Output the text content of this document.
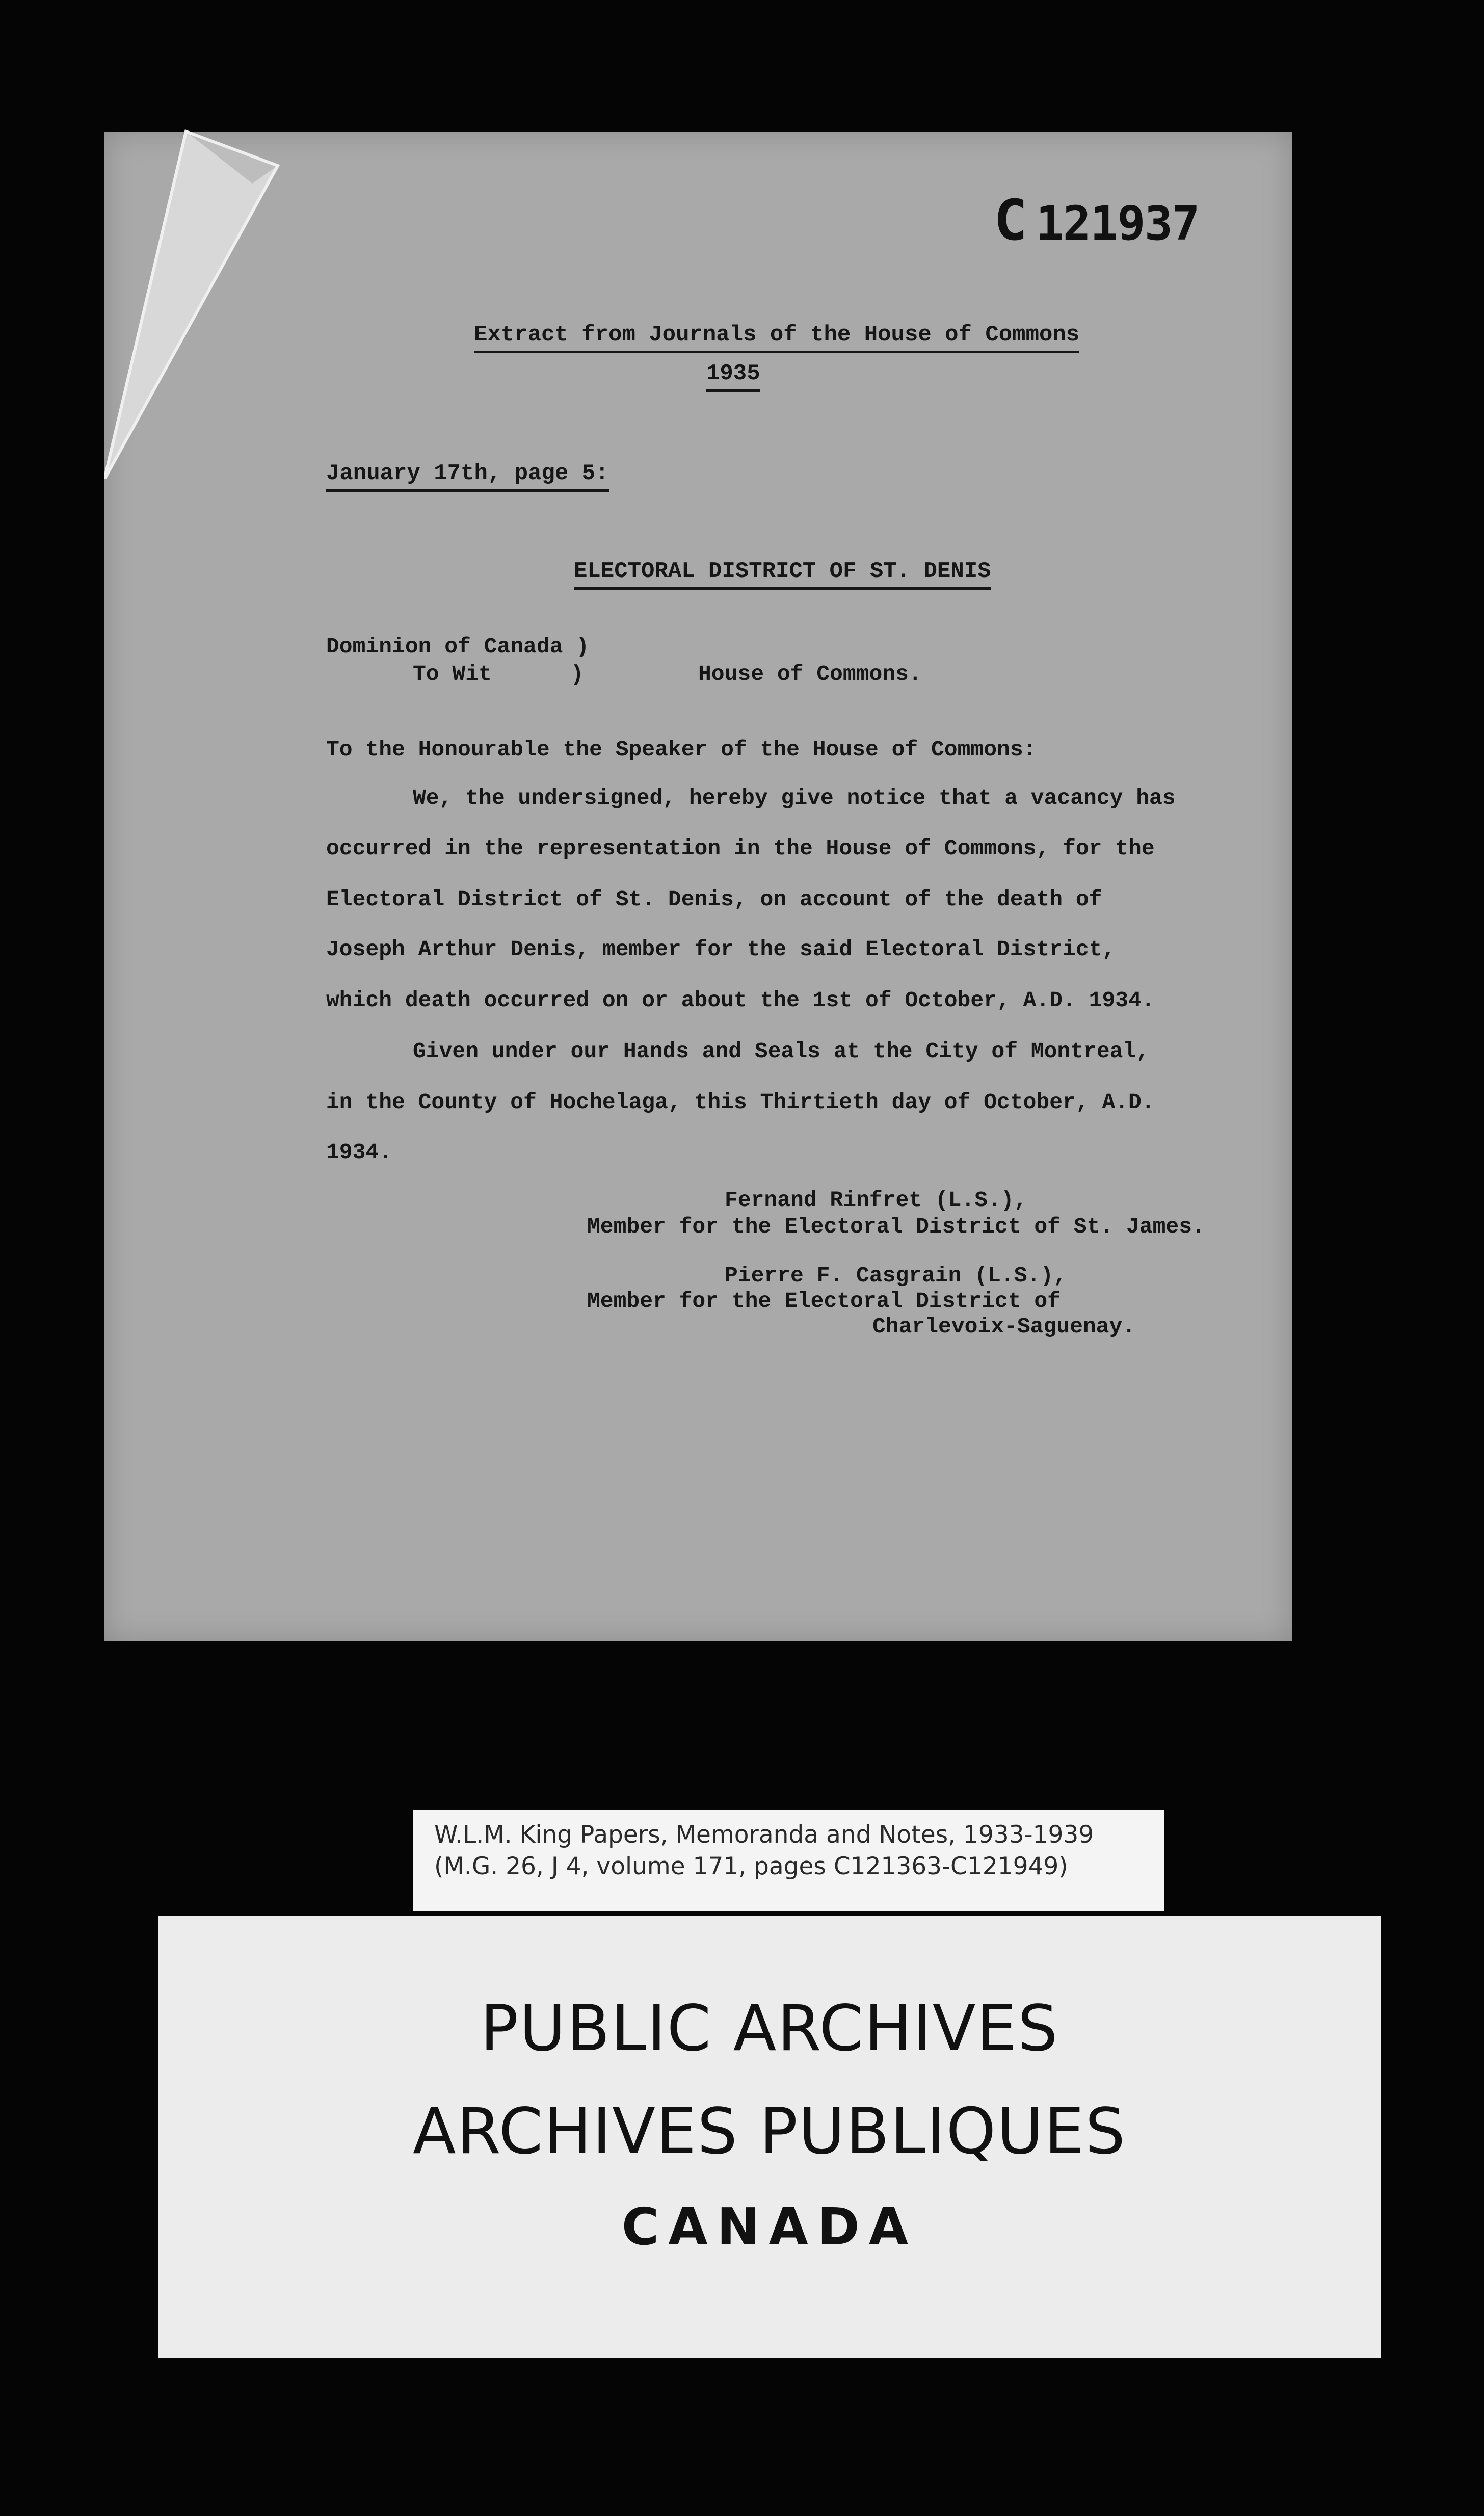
C 121937
Extract from Journals of the House of Commons
1935
January 17th, page 5:
ELECTORAL DISTRICT OF ST. DENIS
Dominion of Canada )
To Wit      )	House of Commons.
To the Honourable the Speaker of the House of Commons:
We, the undersigned, hereby give notice that a vacancy has
occurred in the representation in the House of Commons, for the
Electoral District of St. Denis, on account of the death of
Joseph Arthur Denis, member for the said Electoral District,
which death occurred on or about the 1st of October, A.D. 1934.
Given under our Hands and Seals at the City of Montreal,
in the County of Hochelaga, this Thirtieth day of October, A.D.
1934.
Fernand Rinfret (L.S.),
Member for the Electoral District of St. James.
Pierre F. Casgrain (L.S.),
Member for the Electoral District of
Charlevoix-Saguenay.
W.L.M. King Papers, Memoranda and Notes, 1933-1939
(M.G. 26, J 4, volume 171, pages C121363-C121949)
PUBLIC ARCHIVES
ARCHIVES PUBLIQUES
CANADA
